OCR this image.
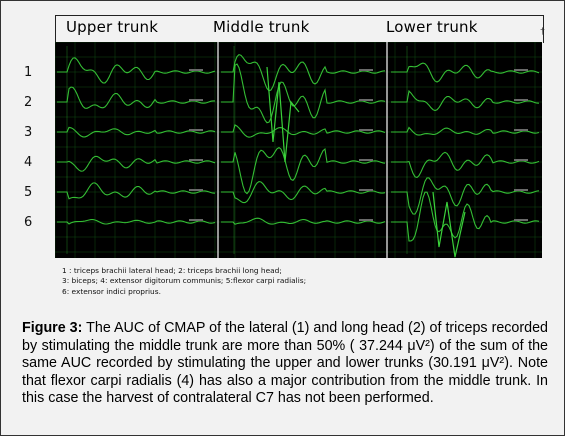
†
Upper trunk	Middle trunk	Lower trunk
1
2
3
4
5
6
1 : triceps brachii lateral head; 2: triceps brachii long head;
3: biceps; 4: extensor digitorum communis; 5:flexor carpi radialis;
6: extensor indici proprius.
Figure 3: The AUC of CMAP of the lateral (1) and long head (2) of triceps recorded by stimulating the middle trunk are more than 50% ( 37.244 μV²) of the sum of the same AUC recorded by stimulating the upper and lower trunks (30.191 μV²). Note that flexor carpi radialis (4) has also a major contribution from the middle trunk. In this case the harvest of contralateral C7 has not been performed.
